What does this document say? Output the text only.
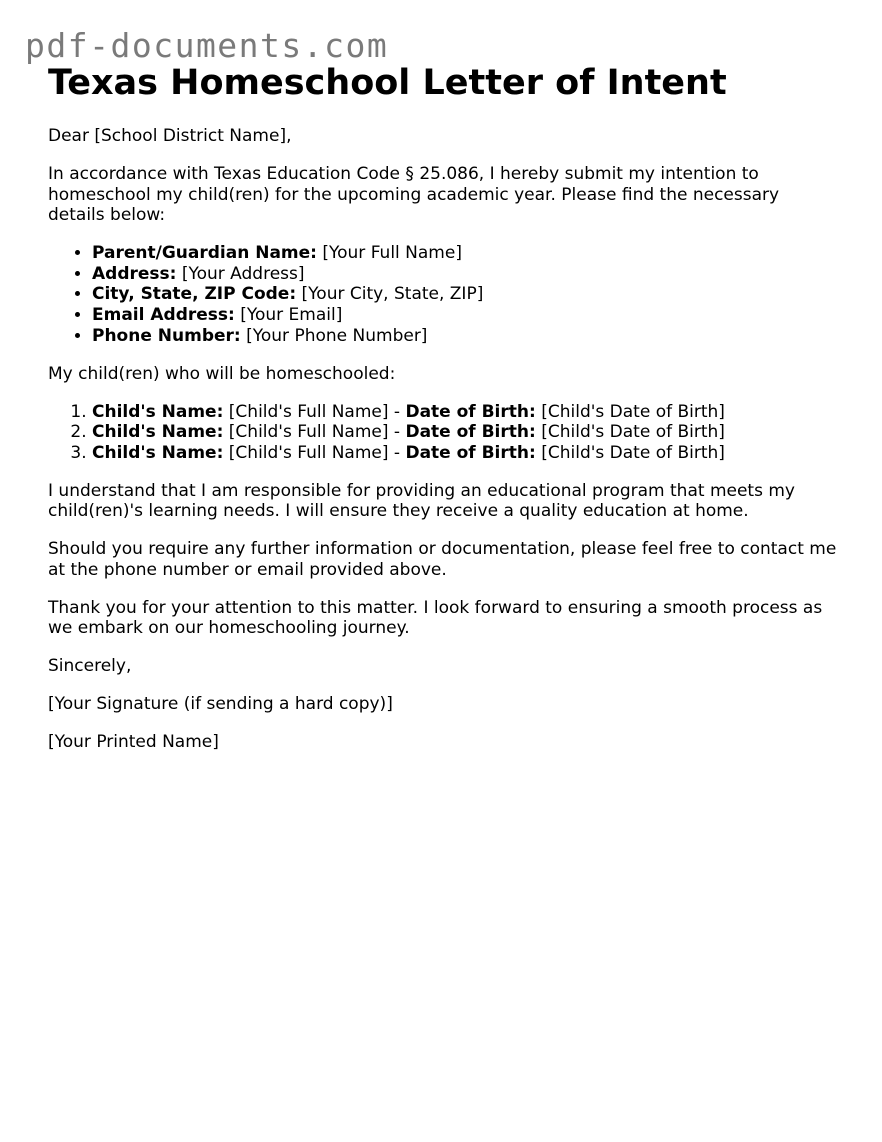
pdf-documents.com
Texas Homeschool Letter of Intent

Dear [School District Name],

In accordance with Texas Education Code § 25.086, I hereby submit my intention to homeschool my child(ren) for the upcoming academic year. Please find the necessary details below:

• Parent/Guardian Name: [Your Full Name]
• Address: [Your Address]
• City, State, ZIP Code: [Your City, State, ZIP]
• Email Address: [Your Email]
• Phone Number: [Your Phone Number]

My child(ren) who will be homeschooled:

1. Child's Name: [Child's Full Name] - Date of Birth: [Child's Date of Birth]
2. Child's Name: [Child's Full Name] - Date of Birth: [Child's Date of Birth]
3. Child's Name: [Child's Full Name] - Date of Birth: [Child's Date of Birth]

I understand that I am responsible for providing an educational program that meets my child(ren)'s learning needs. I will ensure they receive a quality education at home.

Should you require any further information or documentation, please feel free to contact me at the phone number or email provided above.

Thank you for your attention to this matter. I look forward to ensuring a smooth process as we embark on our homeschooling journey.

Sincerely,

[Your Signature (if sending a hard copy)]

[Your Printed Name]
